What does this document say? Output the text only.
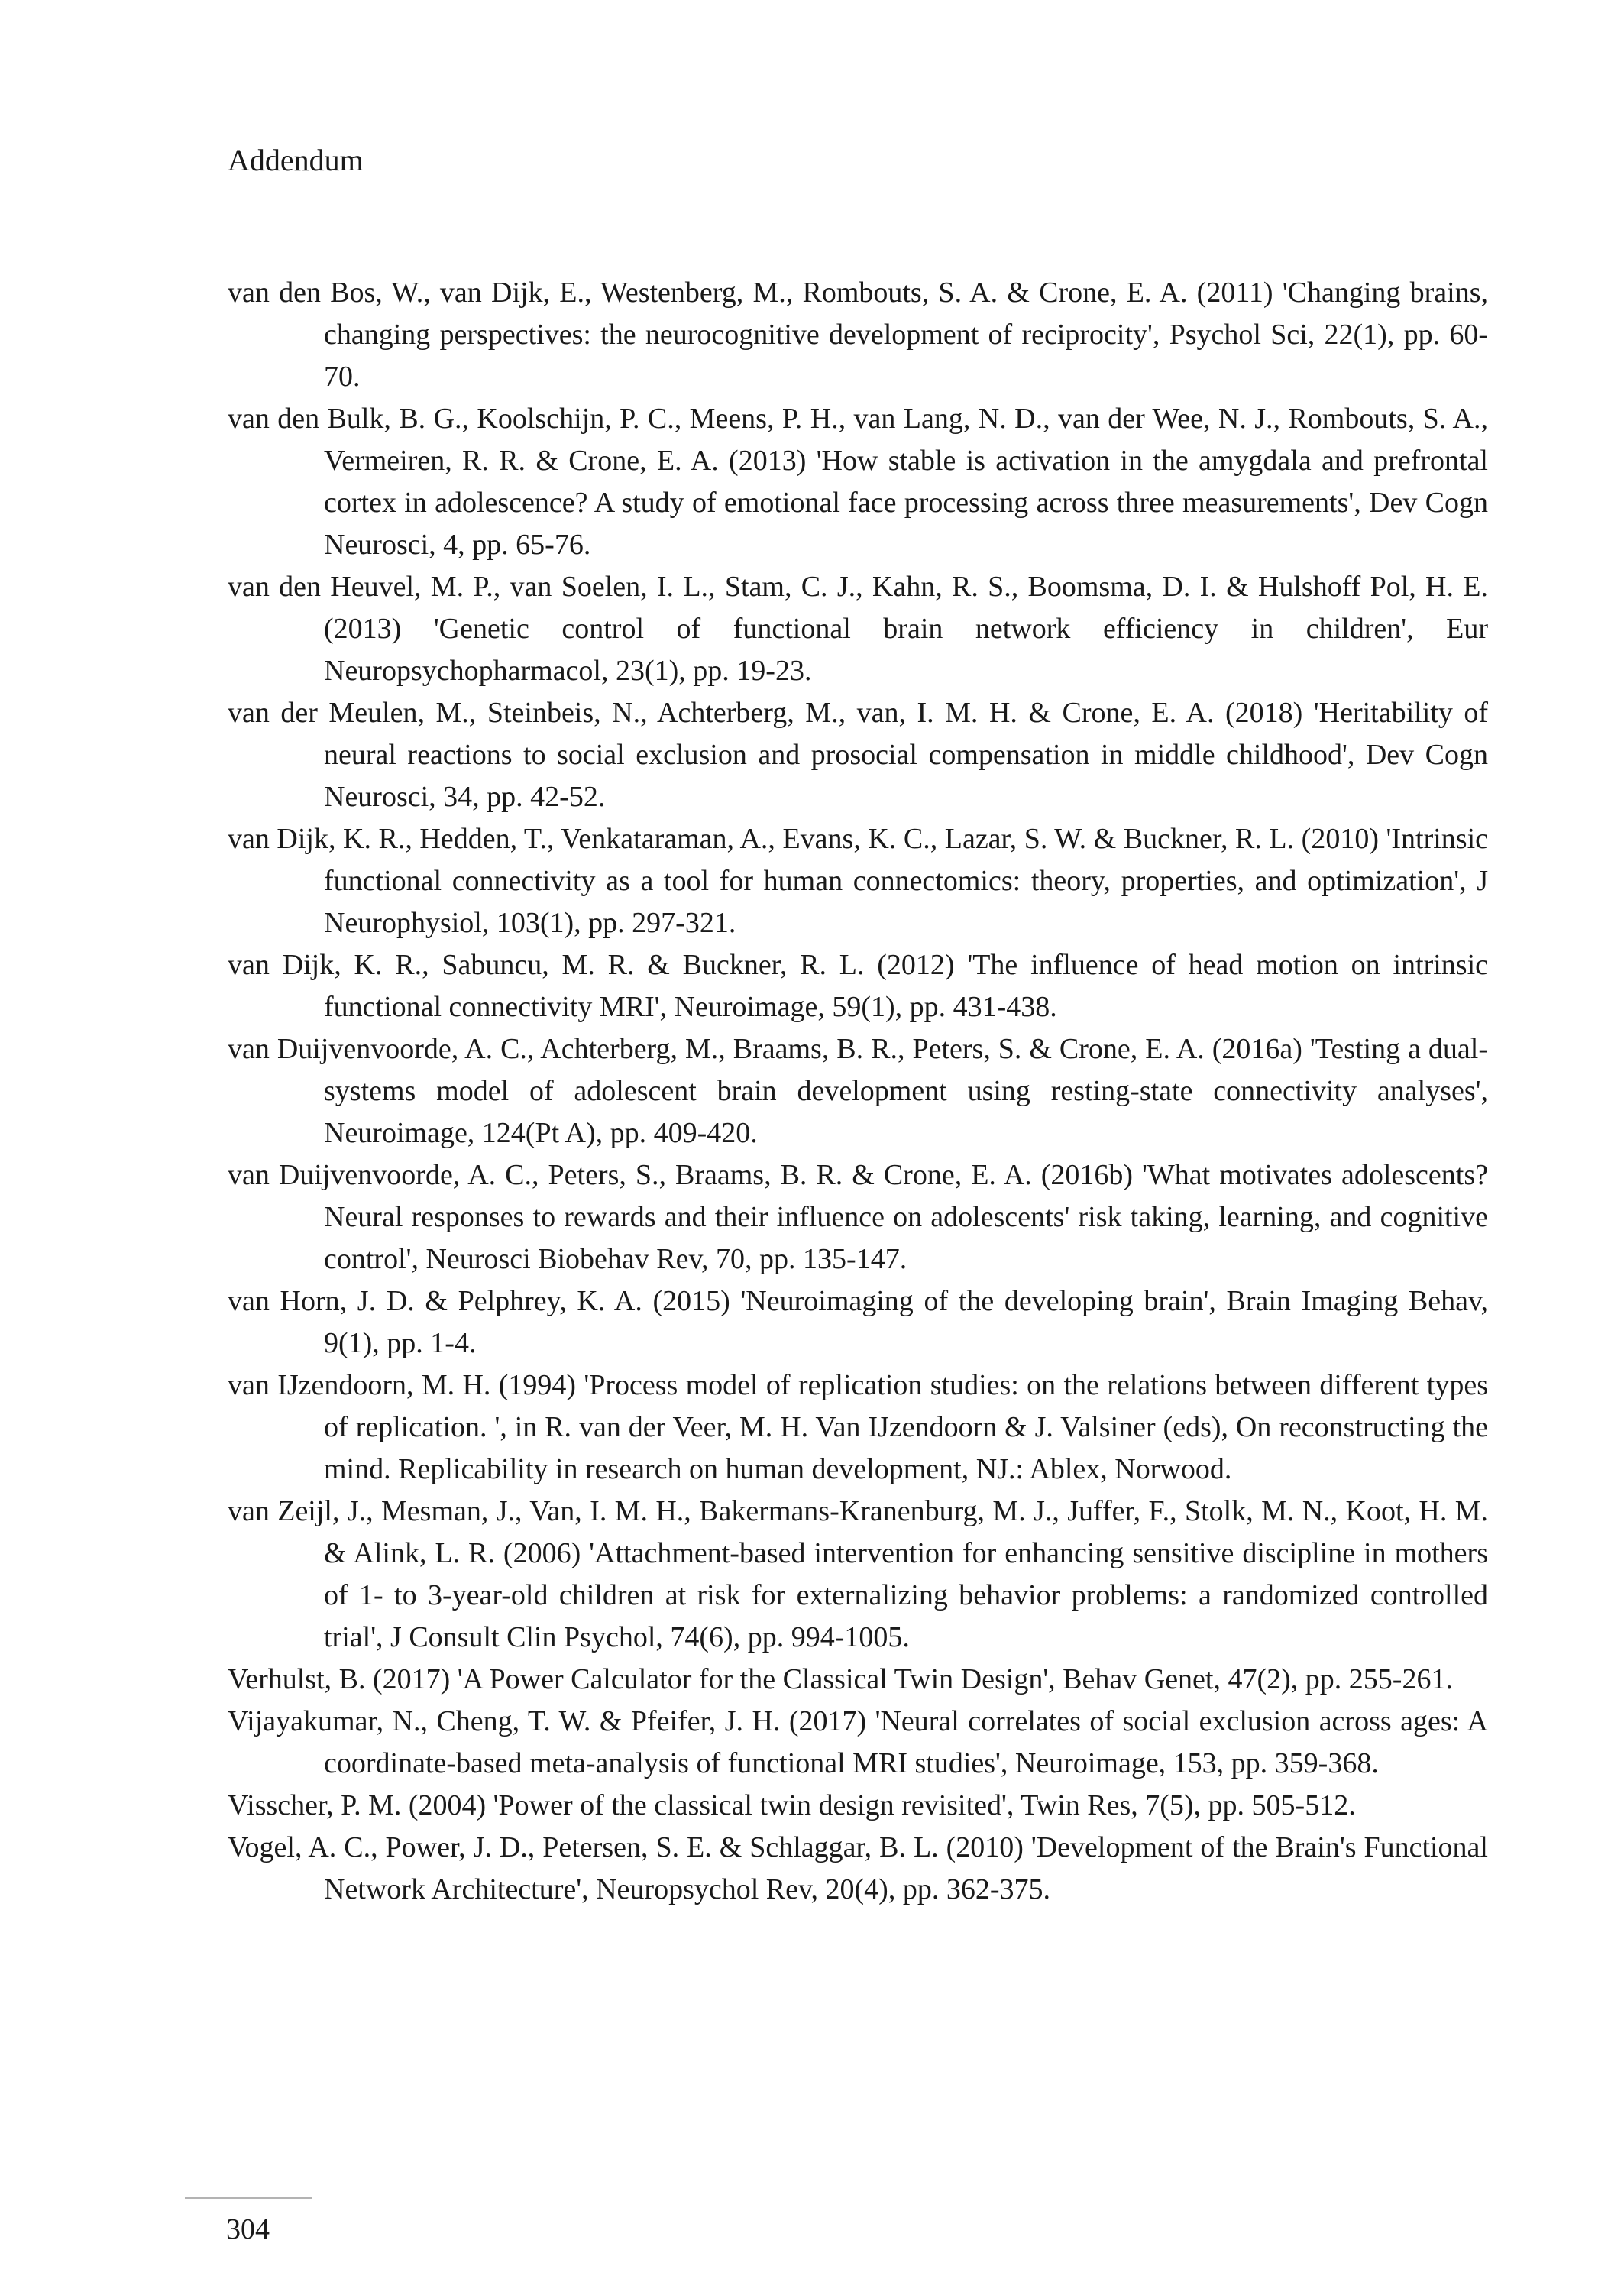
Addendum

van den Bos, W., van Dijk, E., Westenberg, M., Rombouts, S. A. & Crone, E. A. (2011) 'Changing brains, changing perspectives: the neurocognitive development of reciprocity', Psychol Sci, 22(1), pp. 60-70.

van den Bulk, B. G., Koolschijn, P. C., Meens, P. H., van Lang, N. D., van der Wee, N. J., Rombouts, S. A., Vermeiren, R. R. & Crone, E. A. (2013) 'How stable is activation in the amygdala and prefrontal cortex in adolescence? A study of emotional face processing across three measurements', Dev Cogn Neurosci, 4, pp. 65-76.

van den Heuvel, M. P., van Soelen, I. L., Stam, C. J., Kahn, R. S., Boomsma, D. I. & Hulshoff Pol, H. E. (2013) 'Genetic control of functional brain network efficiency in children', Eur Neuropsychopharmacol, 23(1), pp. 19-23.

van der Meulen, M., Steinbeis, N., Achterberg, M., van, I. M. H. & Crone, E. A. (2018) 'Heritability of neural reactions to social exclusion and prosocial compensation in middle childhood', Dev Cogn Neurosci, 34, pp. 42-52.

van Dijk, K. R., Hedden, T., Venkataraman, A., Evans, K. C., Lazar, S. W. & Buckner, R. L. (2010) 'Intrinsic functional connectivity as a tool for human connectomics: theory, properties, and optimization', J Neurophysiol, 103(1), pp. 297-321.

van Dijk, K. R., Sabuncu, M. R. & Buckner, R. L. (2012) 'The influence of head motion on intrinsic functional connectivity MRI', Neuroimage, 59(1), pp. 431-438.

van Duijvenvoorde, A. C., Achterberg, M., Braams, B. R., Peters, S. & Crone, E. A. (2016a) 'Testing a dual-systems model of adolescent brain development using resting-state connectivity analyses', Neuroimage, 124(Pt A), pp. 409-420.

van Duijvenvoorde, A. C., Peters, S., Braams, B. R. & Crone, E. A. (2016b) 'What motivates adolescents? Neural responses to rewards and their influence on adolescents' risk taking, learning, and cognitive control', Neurosci Biobehav Rev, 70, pp. 135-147.

van Horn, J. D. & Pelphrey, K. A. (2015) 'Neuroimaging of the developing brain', Brain Imaging Behav, 9(1), pp. 1-4.

van IJzendoorn, M. H. (1994) 'Process model of replication studies: on the relations between different types of replication. ', in R. van der Veer, M. H. Van IJzendoorn & J. Valsiner (eds), On reconstructing the mind. Replicability in research on human development, NJ.: Ablex, Norwood.

van Zeijl, J., Mesman, J., Van, I. M. H., Bakermans-Kranenburg, M. J., Juffer, F., Stolk, M. N., Koot, H. M. & Alink, L. R. (2006) 'Attachment-based intervention for enhancing sensitive discipline in mothers of 1- to 3-year-old children at risk for externalizing behavior problems: a randomized controlled trial', J Consult Clin Psychol, 74(6), pp. 994-1005.

Verhulst, B. (2017) 'A Power Calculator for the Classical Twin Design', Behav Genet, 47(2), pp. 255-261.

Vijayakumar, N., Cheng, T. W. & Pfeifer, J. H. (2017) 'Neural correlates of social exclusion across ages: A coordinate-based meta-analysis of functional MRI studies', Neuroimage, 153, pp. 359-368.

Visscher, P. M. (2004) 'Power of the classical twin design revisited', Twin Res, 7(5), pp. 505-512.

Vogel, A. C., Power, J. D., Petersen, S. E. & Schlaggar, B. L. (2010) 'Development of the Brain's Functional Network Architecture', Neuropsychol Rev, 20(4), pp. 362-375.

304
